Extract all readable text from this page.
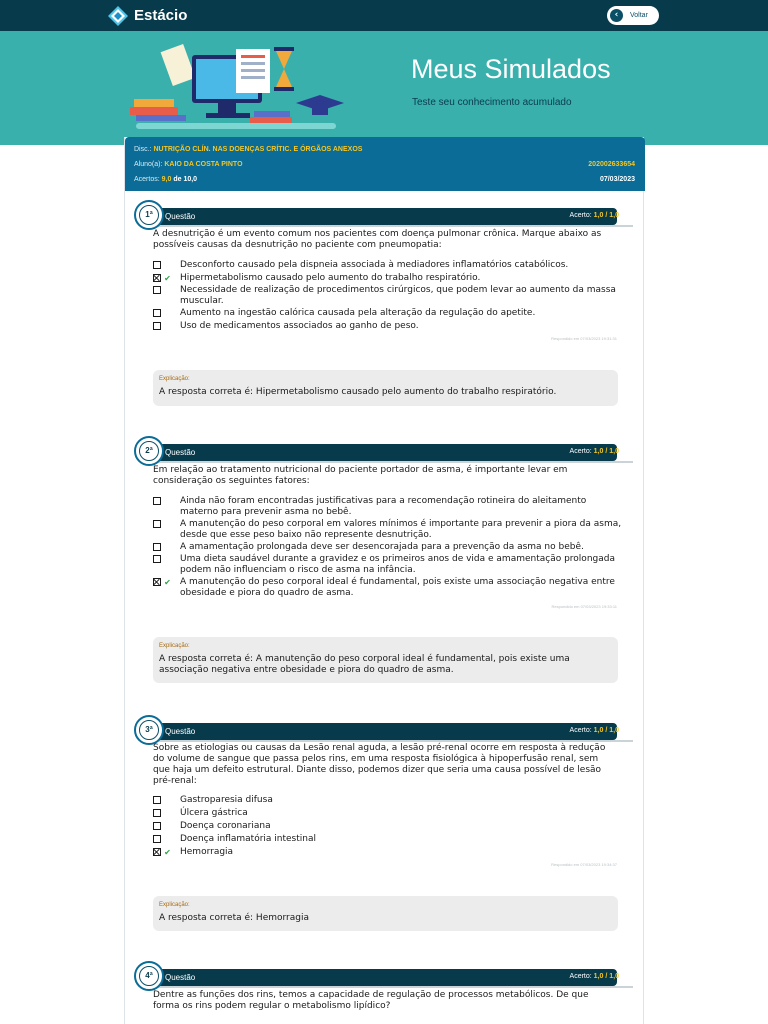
Estácio	‹	Voltar
Meus Simulados
Teste seu conhecimento acumulado
Disc.: NUTRIÇÃO CLÍN. NAS DOENÇAS CRÍTIC. E ÓRGÃOS ANEXOS
Aluno(a): KAIO DA COSTA PINTO	202002633654
Acertos: 9,0 de 10,0	07/03/2023
1ª	Questão	Acerto: 1,0 / 1,0
A desnutrição é um evento comum nos pacientes com doença pulmonar crônica. Marque abaixo as possíveis causas da desnutrição no paciente com pneumopatia:
Desconforto causado pela dispneia associada à mediadores inflamatórios catabólicos.
✔ Hipermetabolismo causado pelo aumento do trabalho respiratório.
Necessidade de realização de procedimentos cirúrgicos, que podem levar ao aumento da massa muscular.
Aumento na ingestão calórica causada pela alteração da regulação do apetite.
Uso de medicamentos associados ao ganho de peso.
Respondido em 07/03/2023 19:31:31
Explicação:
A resposta correta é: Hipermetabolismo causado pelo aumento do trabalho respiratório.
2ª	Questão	Acerto: 1,0 / 1,0
Em relação ao tratamento nutricional do paciente portador de asma, é importante levar em consideração os seguintes fatores:
Ainda não foram encontradas justificativas para a recomendação rotineira do aleitamento materno para prevenir asma no bebê.
A manutenção do peso corporal em valores mínimos é importante para prevenir a piora da asma, desde que esse peso baixo não represente desnutrição.
A amamentação prolongada deve ser desencorajada para a prevenção da asma no bebê.
Uma dieta saudável durante a gravidez e os primeiros anos de vida e amamentação prolongada podem não influenciam o risco de asma na infância.
✔ A manutenção do peso corporal ideal é fundamental, pois existe uma associação negativa entre obesidade e piora do quadro de asma.
Respondido em 07/03/2023 19:33:11
Explicação:
A resposta correta é: A manutenção do peso corporal ideal é fundamental, pois existe uma associação negativa entre obesidade e piora do quadro de asma.
3ª	Questão	Acerto: 1,0 / 1,0
Sobre as etiologias ou causas da Lesão renal aguda, a lesão pré-renal ocorre em resposta à redução do volume de sangue que passa pelos rins, em uma resposta fisiológica à hipoperfusão renal, sem que haja um defeito estrutural. Diante disso, podemos dizer que seria uma causa possível de lesão pré-renal:
Gastroparesia difusa
Úlcera gástrica
Doença coronariana
Doença inflamatória intestinal
✔ Hemorragia
Respondido em 07/03/2023 19:34:37
Explicação:
A resposta correta é: Hemorragia
4ª	Questão	Acerto: 1,0 / 1,0
Dentre as funções dos rins, temos a capacidade de regulação de processos metabólicos. De que forma os rins podem regular o metabolismo lipídico?
